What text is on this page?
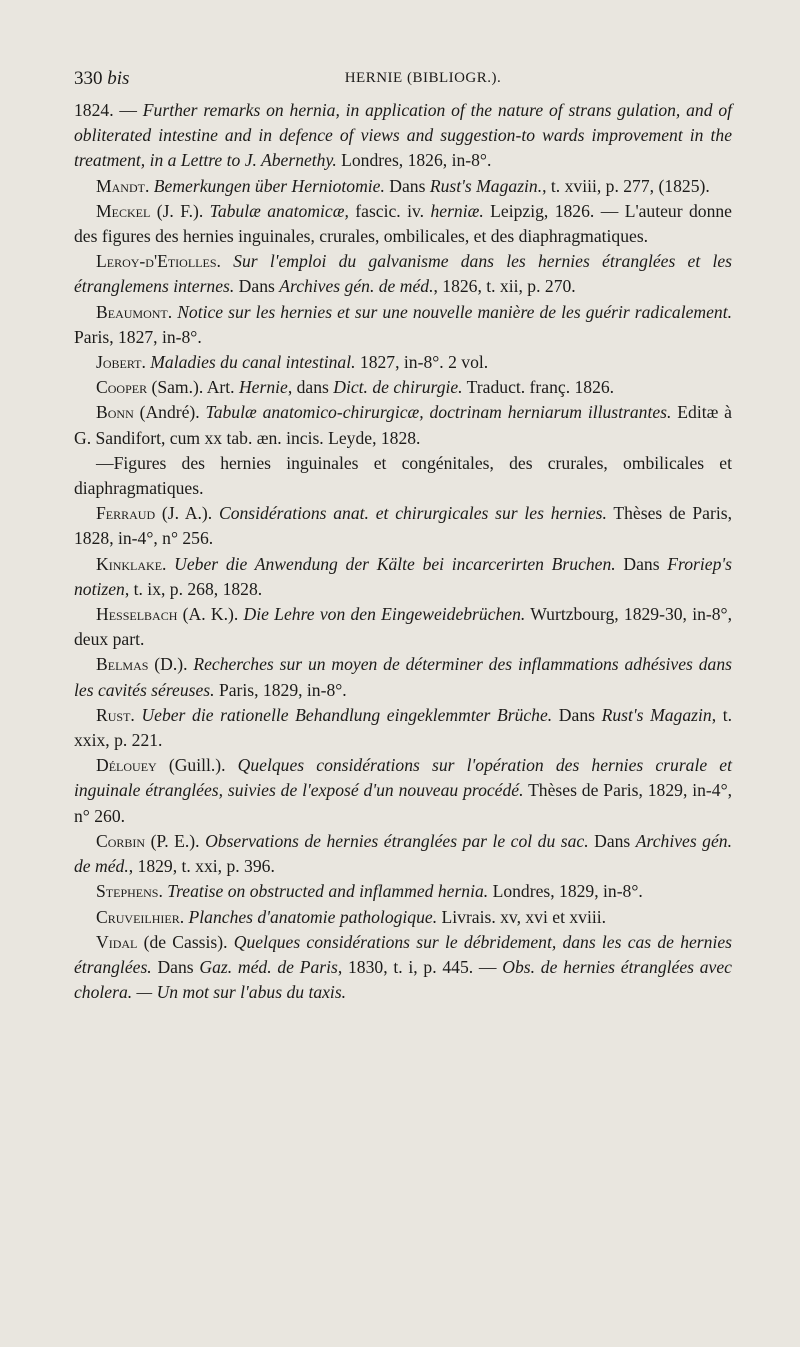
330 bis	HERNIE (BIBLIOGR.).

1824. — Further remarks on hernia, in application of the nature of strans gulation, and of obliterated intestine and in defence of views and suggestion-to wards improvement in the treatment, in a Lettre to J. Abernethy. Londres, 1826, in-8°.

Mandt. Bemerkungen über Herniotomie. Dans Rust's Magazin., t. xviii, p. 277, (1825).

Meckel (J. F.). Tabulæ anatomicæ, fascic. iv. herniæ. Leipzig, 1826. — L'auteur donne des figures des hernies inguinales, crurales, ombilicales, et des diaphragmatiques.

Leroy-d'Etiolles. Sur l'emploi du galvanisme dans les hernies étranglées et les étranglemens internes. Dans Archives gén. de méd., 1826, t. xii, p. 270.

Beaumont. Notice sur les hernies et sur une nouvelle manière de les guérir radicalement. Paris, 1827, in-8°.

Jobert. Maladies du canal intestinal. 1827, in-8°. 2 vol.

Cooper (Sam.). Art. Hernie, dans Dict. de chirurgie. Traduct. franç. 1826.

Bonn (André). Tabulæ anatomico-chirurgicæ, doctrinam herniarum illustrantes. Editæ à G. Sandifort, cum xx tab. æn. incis. Leyde, 1828.

—Figures des hernies inguinales et congénitales, des crurales, ombilicales et diaphragmatiques.

Ferraud (J. A.). Considérations anat. et chirurgicales sur les hernies. Thèses de Paris, 1828, in-4°, n° 256.

Kinklake. Ueber die Anwendung der Kälte bei incarcerirten Bruchen. Dans Froriep's notizen, t. ix, p. 268, 1828.

Hesselbach (A. K.). Die Lehre von den Eingeweidebrüchen. Wurtzbourg, 1829-30, in-8°, deux part.

Belmas (D.). Recherches sur un moyen de déterminer des inflammations adhésives dans les cavités séreuses. Paris, 1829, in-8°.

Rust. Ueber die rationelle Behandlung eingeklemmter Brüche. Dans Rust's Magazin, t. xxix, p. 221.

Délouey (Guill.). Quelques considérations sur l'opération des hernies crurale et inguinale étranglées, suivies de l'exposé d'un nouveau procédé. Thèses de Paris, 1829, in-4°, n° 260.

Corbin (P. E.). Observations de hernies étranglées par le col du sac. Dans Archives gén. de méd., 1829, t. xxi, p. 396.

Stephens. Treatise on obstructed and inflammed hernia. Londres, 1829, in-8°.

Cruveilhier. Planches d'anatomie pathologique. Livrais. xv, xvi et xviii.

Vidal (de Cassis). Quelques considérations sur le débridement, dans les cas de hernies étranglées. Dans Gaz. méd. de Paris, 1830, t. i, p. 445. — Obs. de hernies étranglées avec cholera. — Un mot sur l'abus du taxis.
